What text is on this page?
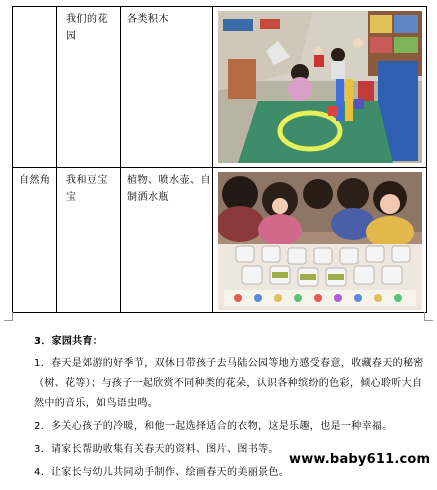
我们的花园
各类积木
自然角	我和豆宝宝
植物、喷水壶、自制洒水瓶
3．家园共育：
1．春天是郊游的好季节，双休日带孩子去马陆公园等地方感受春意，收藏春天的秘密（树、花等）；与孩子一起欣赏不同种类的花朵，认识各种缤纷的色彩，倾心聆听大自然中的音乐，如鸟语虫鸣。
2．多关心孩子的冷暖，和他一起选择适合的衣物，这是乐趣，也是一种幸福。
3．请家长帮助收集有关春天的资料、图片、图书等。
4．让家长与幼儿共同动手制作、绘画春天的美丽景色。
www.baby611.com
